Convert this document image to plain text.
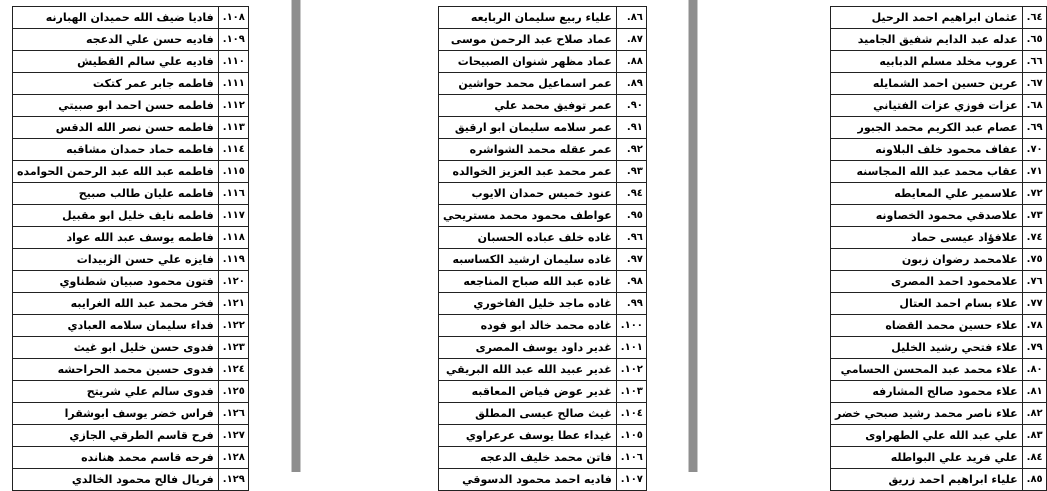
٦٤.	عثمان ابراهيم احمد الرحيل
٦٥.	عدله عبد الدايم شفيق الجاميد
٦٦.	عروب مخلد مسلم الدبابيه
٦٧.	عرين حسين احمد الشمايله
٦٨.	عزات فوزي عزات الفتياني
٦٩.	عصام عبد الكريم محمد الجبور
٧٠.	عفاف محمود خلف البلاونه
٧١.	عقاب محمد عبد الله المجاسنه
٧٢.	علاسمير علي المعايطه
٧٣.	علاصدقي محمود الخصاونه
٧٤.	علافؤاد عيسى حماد
٧٥.	علامحمد رضوان زبون
٧٦.	علامحمود احمد المصرى
٧٧.	علاء بسام احمد العتال
٧٨.	علاء حسين محمد القضاه
٧٩.	علاء فتحي رشيد الخليل
٨٠.	علاء محمد عبد المحسن الحسامي
٨١.	علاء محمود صالح المشارفه
٨٢.	علاء ناصر محمد رشيد صبحي خضر
٨٣.	علي عبد الله علي الطهراوى
٨٤.	علي فريد علي البواطله
٨٥.	علياء ابراهيم احمد زريق
٨٦.	علياء ربيع سليمان الربايعه
٨٧.	عماد صلاح عبد الرحمن موسى
٨٨.	عماد مظهر شنوان الصبيحات
٨٩.	عمر اسماعيل محمد حواشين
٩٠.	عمر توفيق محمد علي
٩١.	عمر سلامه سليمان ابو ارقيق
٩٢.	عمر عقله محمد الشواشره
٩٣.	عمر محمد عبد العزيز الخوالده
٩٤.	عنود خميس حمدان الايوب
٩٥.	عواطف محمود محمد مستريحي
٩٦.	غاده خلف عباده الحسبان
٩٧.	غاده سليمان ارشيد الكساسبه
٩٨.	غاده عبد الله صباح المناجعه
٩٩.	غاده ماجد خليل الفاخوري
١٠٠.	غاده محمد خالد ابو فوده
١٠١.	غدير داود يوسف المصرى
١٠٢.	غدير عبيد الله عبد الله البريقي
١٠٣.	غدير عوض فياض المعاقبه
١٠٤.	غيث صالح عيسى المطلق
١٠٥.	غيداء عطا يوسف عرعراوي
١٠٦.	فاتن محمد خليف الدعجه
١٠٧.	فاديه احمد محمود الدسوقي
١٠٨.	فاديا ضيف الله حميدان الهبارنه
١٠٩.	فاديه حسن علي الدعجه
١١٠.	فاديه علي سالم القطيش
١١١.	فاطمه جابر عمر كتكت
١١٢.	فاطمه حسن احمد ابو صبيتي
١١٣.	فاطمه حسن نصر الله الدقس
١١٤.	فاطمه حماد حمدان مشاقبه
١١٥.	فاطمه عبد الله عبد الرحمن الحوامده
١١٦.	فاطمه عليان طالب صبيح
١١٧.	فاطمه نايف خليل ابو مقبيل
١١٨.	فاطمه يوسف عبد الله عواد
١١٩.	فايزه علي حسن الزبيدات
١٢٠.	فتون محمود صبيان شطناوي
١٢١.	فخر محمد عبد الله الغرايبه
١٢٢.	فداء سليمان سلامه العبادي
١٢٣.	فدوى حسن خليل ابو غيث
١٢٤.	فدوى حسين محمد الحراحشه
١٢٥.	فدوى سالم علي شريتح
١٢٦.	فراس خضر يوسف ابوشقرا
١٢٧.	فرح قاسم الطرقي الجازي
١٢٨.	فرحه قاسم محمد هنانده
١٢٩.	فريال فالح محمود الخالدي
